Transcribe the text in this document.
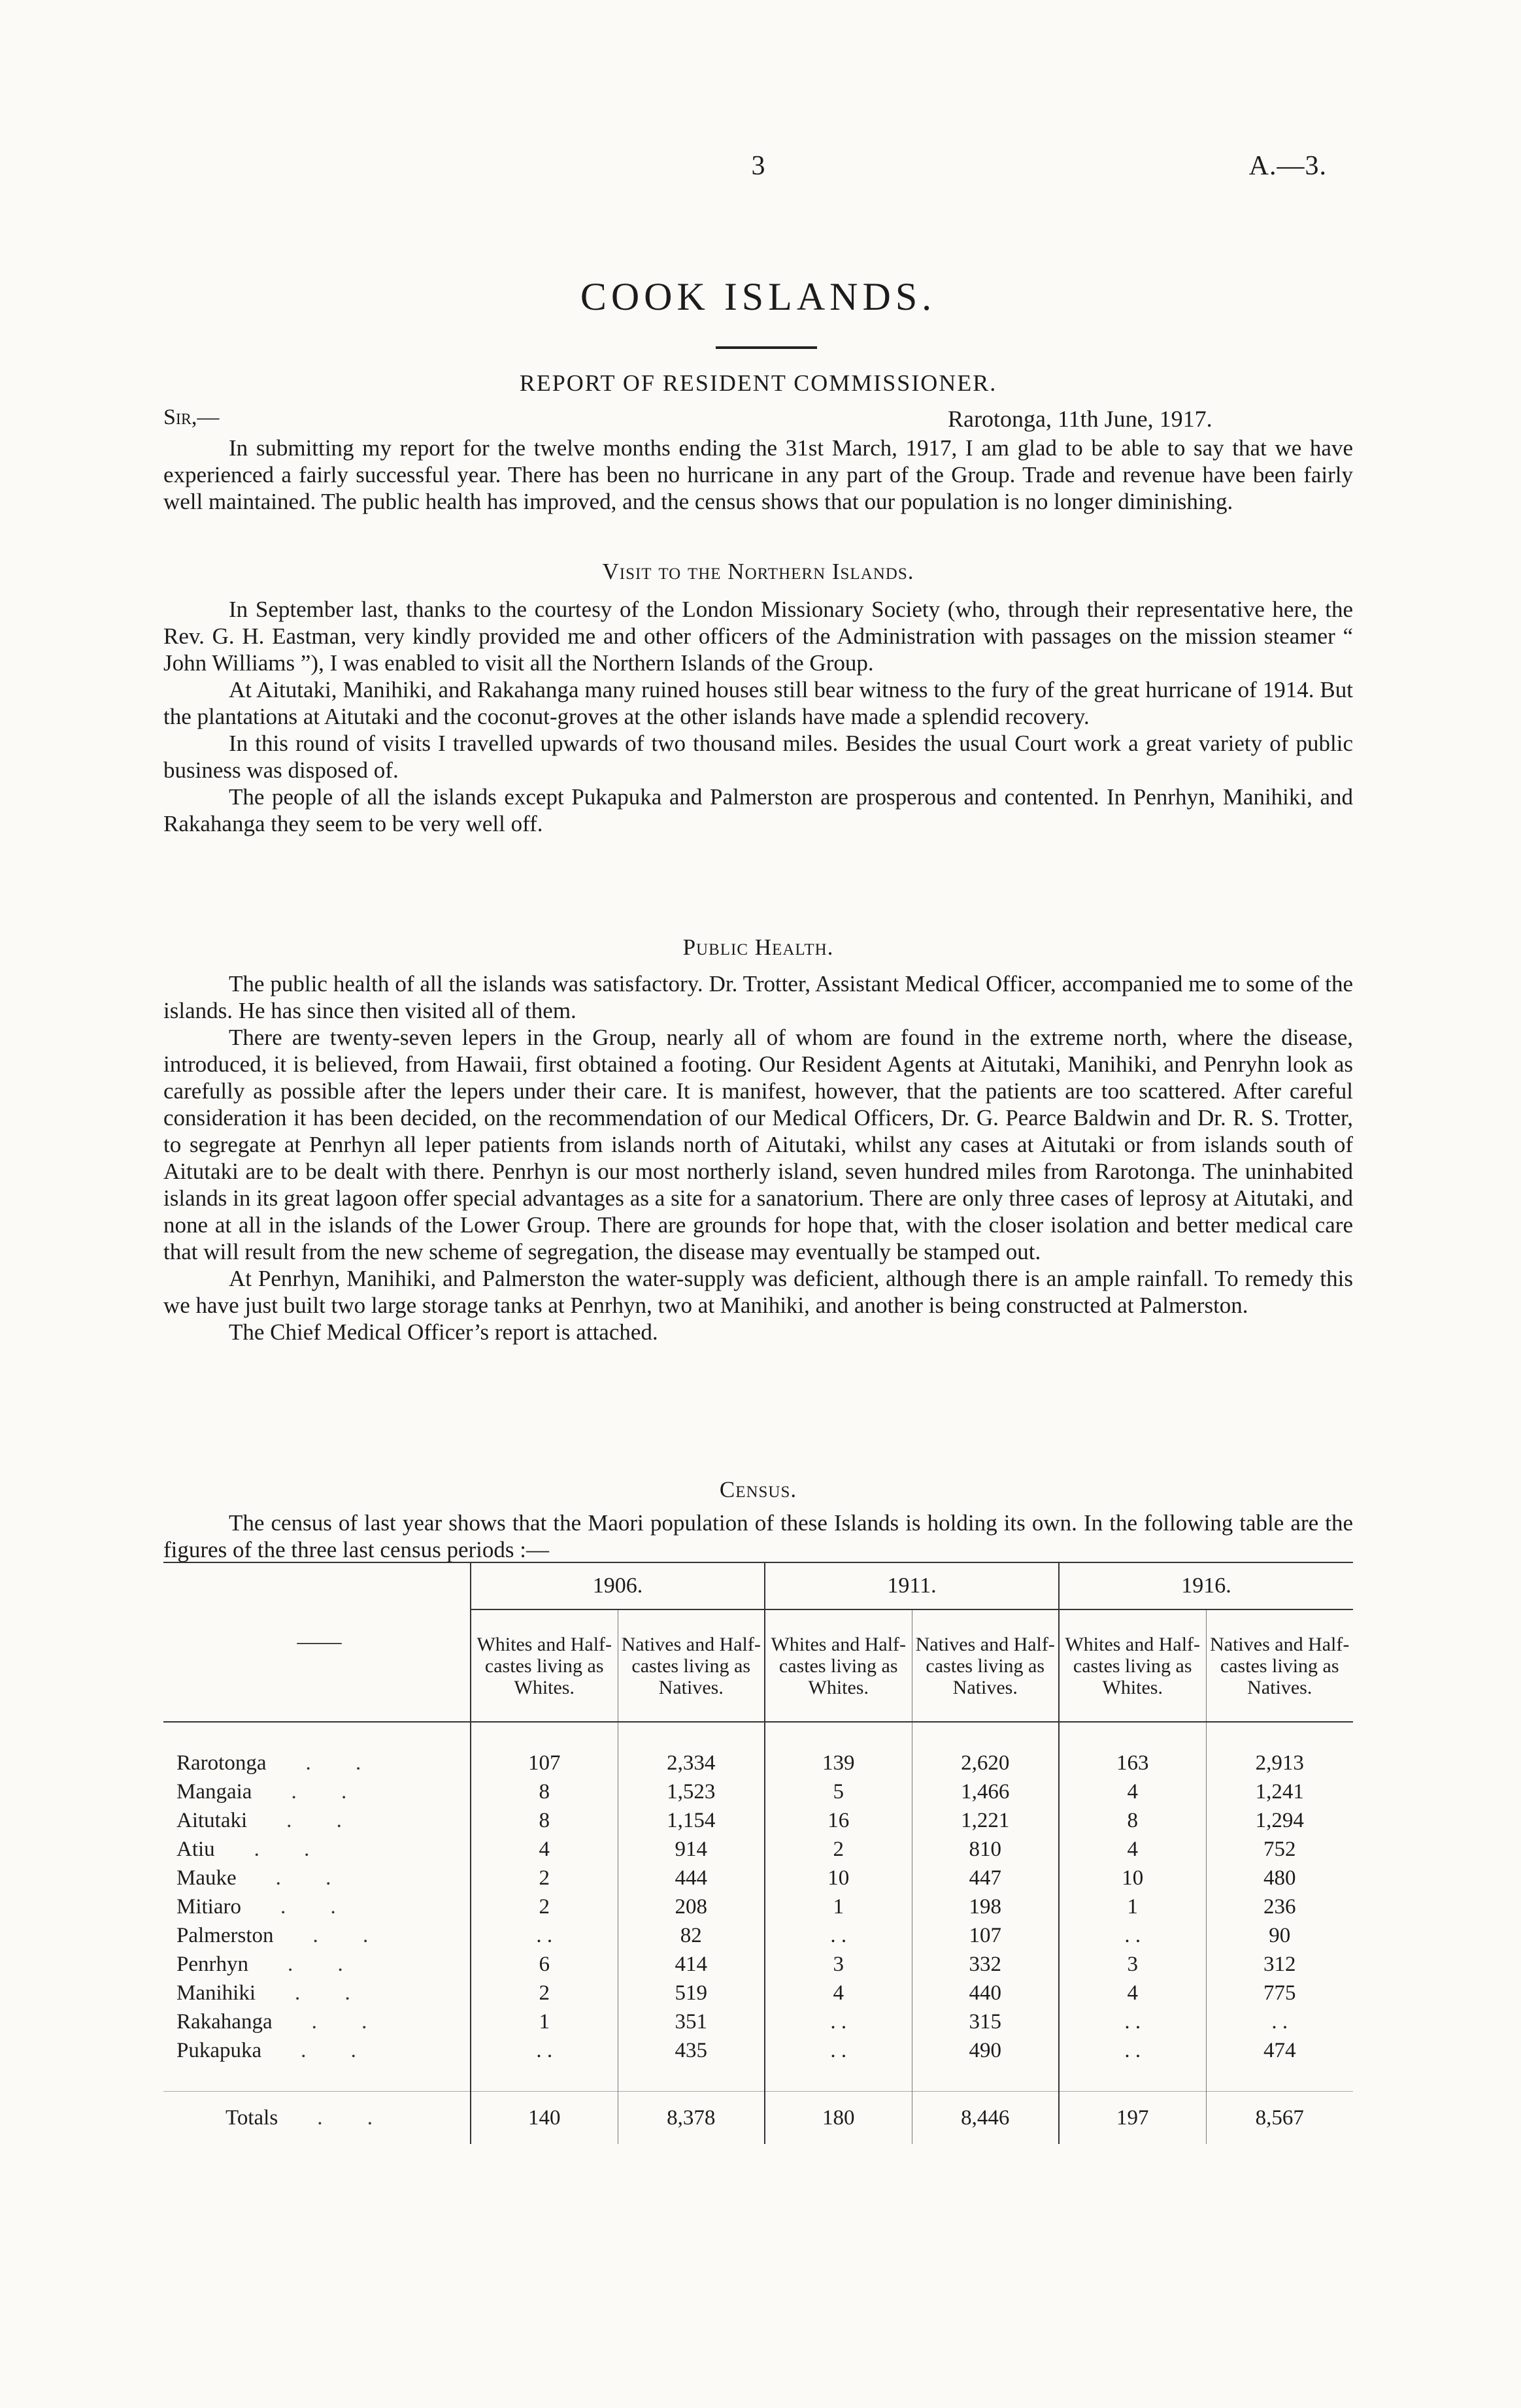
3	A.—3.
COOK ISLANDS.
REPORT OF RESIDENT COMMISSIONER.
Sir,—	Rarotonga, 11th June, 1917.

In submitting my report for the twelve months ending the 31st March, 1917, I am glad to be able to say that we have experienced a fairly successful year. There has been no hurricane in any part of the Group. Trade and revenue have been fairly well maintained. The public health has improved, and the census shows that our population is no longer diminishing.

Visit to the Northern Islands.

In September last, thanks to the courtesy of the London Missionary Society (who, through their representative here, the Rev. G. H. Eastman, very kindly provided me and other officers of the Administration with passages on the mission steamer “ John Williams ”), I was enabled to visit all the Northern Islands of the Group.

At Aitutaki, Manihiki, and Rakahanga many ruined houses still bear witness to the fury of the great hurricane of 1914. But the plantations at Aitutaki and the coconut-groves at the other islands have made a splendid recovery.

In this round of visits I travelled upwards of two thousand miles. Besides the usual Court work a great variety of public business was disposed of.

The people of all the islands except Pukapuka and Palmerston are prosperous and contented. In Penrhyn, Manihiki, and Rakahanga they seem to be very well off.

Public Health.

The public health of all the islands was satisfactory. Dr. Trotter, Assistant Medical Officer, accompanied me to some of the islands. He has since then visited all of them.

There are twenty-seven lepers in the Group, nearly all of whom are found in the extreme north, where the disease, introduced, it is believed, from Hawaii, first obtained a footing. Our Resident Agents at Aitutaki, Manihiki, and Penryhn look as carefully as possible after the lepers under their care. It is manifest, however, that the patients are too scattered. After careful consideration it has been decided, on the recommendation of our Medical Officers, Dr. G. Pearce Baldwin and Dr. R. S. Trotter, to segregate at Penrhyn all leper patients from islands north of Aitutaki, whilst any cases at Aitutaki or from islands south of Aitutaki are to be dealt with there. Penrhyn is our most northerly island, seven hundred miles from Rarotonga. The uninhabited islands in its great lagoon offer special advantages as a site for a sanatorium. There are only three cases of leprosy at Aitutaki, and none at all in the islands of the Lower Group. There are grounds for hope that, with the closer isolation and better medical care that will result from the new scheme of segregation, the disease may eventually be stamped out.

At Penrhyn, Manihiki, and Palmerston the water-supply was deficient, although there is an ample rainfall. To remedy this we have just built two large storage tanks at Penrhyn, two at Manihiki, and another is being constructed at Palmerston.

The Chief Medical Officer’s report is attached.

Census.

The census of last year shows that the Maori population of these Islands is holding its own. In the following table are the figures of the three last census periods :—

——	1906.		1911.		1916.	
	Whites and Half-castes living as Whites.	Natives and Half-castes living as Natives.	Whites and Half-castes living as Whites.	Natives and Half-castes living as Natives.	Whites and Half-castes living as Whites.	Natives and Half-castes living as Natives.

Rarotonga . .	107	2,334	139	2,620	163	2,913
Mangaia . .	8	1,523	5	1,466	4	1,241
Aitutaki . .	8	1,154	16	1,221	8	1,294
Atiu . .	4	914	2	810	4	752
Mauke . .	2	444	10	447	10	480
Mitiaro . .	2	208	1	198	1	236
Palmerston . .	. .	82	. .	107	. .	90
Penrhyn . .	6	414	3	332	3	312
Manihiki . .	2	519	4	440	4	775
Rakahanga . .	1	351	. .	315	. .	. .
Pukapuka . .	. .	435	. .	490	. .	474

Totals . .	140	8,378	180	8,446	197	8,567
